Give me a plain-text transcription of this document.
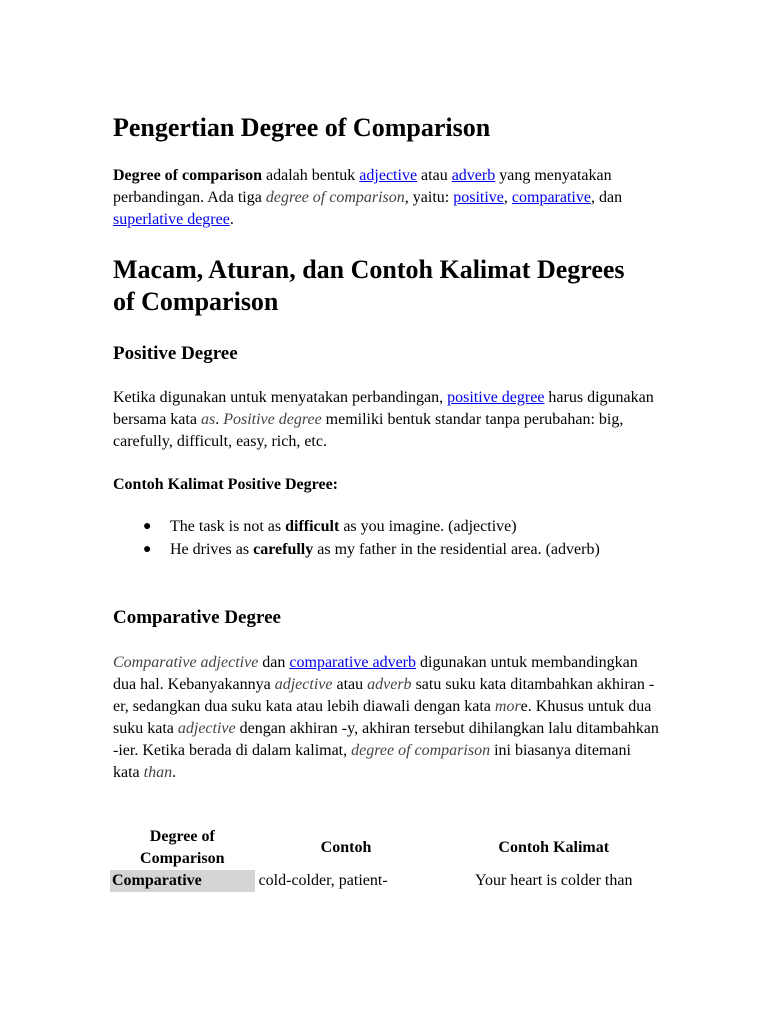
Pengertian Degree of Comparison

Degree of comparison adalah bentuk adjective atau adverb yang menyatakan perbandingan. Ada tiga degree of comparison, yaitu: positive, comparative, dan superlative degree.

Macam, Aturan, dan Contoh Kalimat Degrees of Comparison
Positive Degree

Ketika digunakan untuk menyatakan perbandingan, positive degree harus digunakan bersama kata as. Positive degree memiliki bentuk standar tanpa perubahan: big, carefully, difficult, easy, rich, etc.

Contoh Kalimat Positive Degree:

● The task is not as difficult as you imagine. (adjective)
● He drives as carefully as my father in the residential area. (adverb)
Comparative Degree

Comparative adjective dan comparative adverb digunakan untuk membandingkan dua hal. Kebanyakannya adjective atau adverb satu suku kata ditambahkan akhiran -er, sedangkan dua suku kata atau lebih diawali dengan kata more. Khusus untuk dua suku kata adjective dengan akhiran -y, akhiran tersebut dihilangkan lalu ditambahkan -ier. Ketika berada di dalam kalimat, degree of comparison ini biasanya ditemani kata than.

Degree of Comparison	Contoh	Contoh Kalimat
Comparative	cold-colder, patient-	Your heart is colder than
